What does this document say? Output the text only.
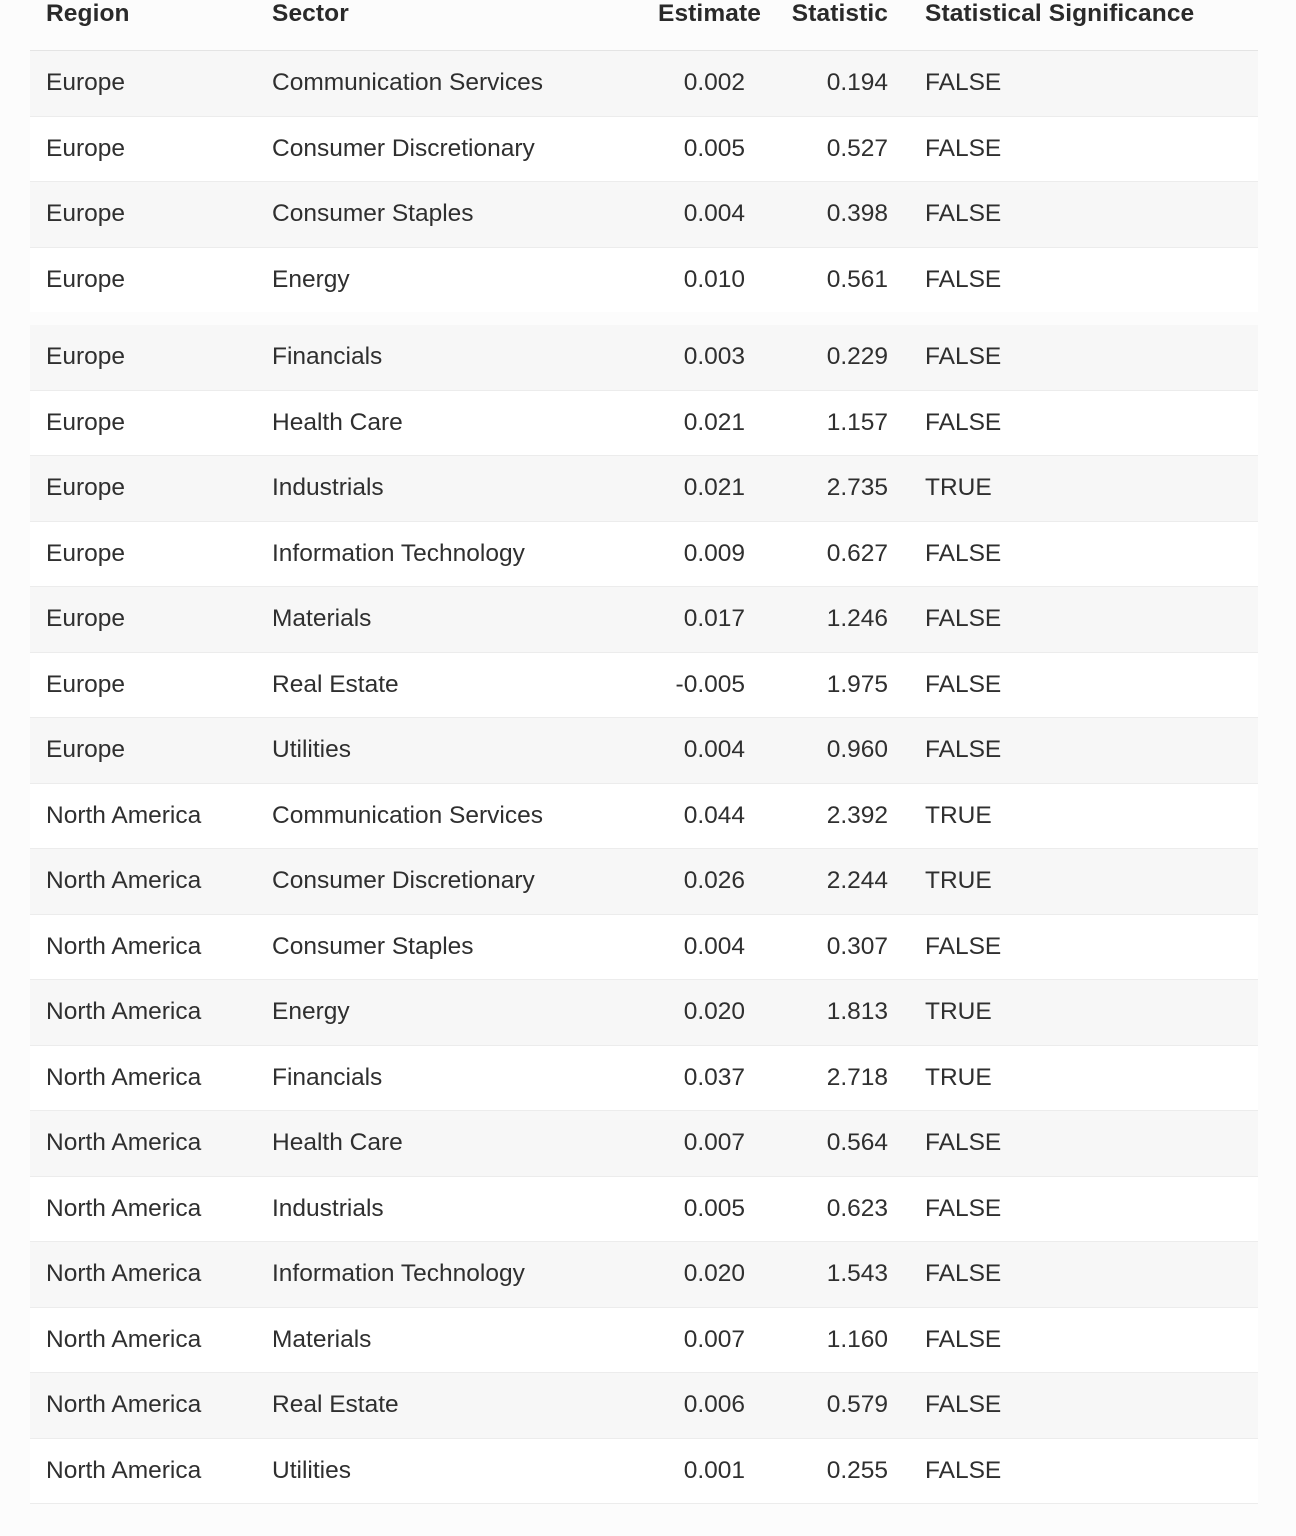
Region	Sector	Estimate	Statistic	Statistical Significance
Europe	Communication Services	0.002	0.194	FALSE
Europe	Consumer Discretionary	0.005	0.527	FALSE
Europe	Consumer Staples	0.004	0.398	FALSE
Europe	Energy	0.010	0.561	FALSE
Europe	Financials	0.003	0.229	FALSE
Europe	Health Care	0.021	1.157	FALSE
Europe	Industrials	0.021	2.735	TRUE
Europe	Information Technology	0.009	0.627	FALSE
Europe	Materials	0.017	1.246	FALSE
Europe	Real Estate	-0.005	1.975	FALSE
Europe	Utilities	0.004	0.960	FALSE
North America	Communication Services	0.044	2.392	TRUE
North America	Consumer Discretionary	0.026	2.244	TRUE
North America	Consumer Staples	0.004	0.307	FALSE
North America	Energy	0.020	1.813	TRUE
North America	Financials	0.037	2.718	TRUE
North America	Health Care	0.007	0.564	FALSE
North America	Industrials	0.005	0.623	FALSE
North America	Information Technology	0.020	1.543	FALSE
North America	Materials	0.007	1.160	FALSE
North America	Real Estate	0.006	0.579	FALSE
North America	Utilities	0.001	0.255	FALSE
